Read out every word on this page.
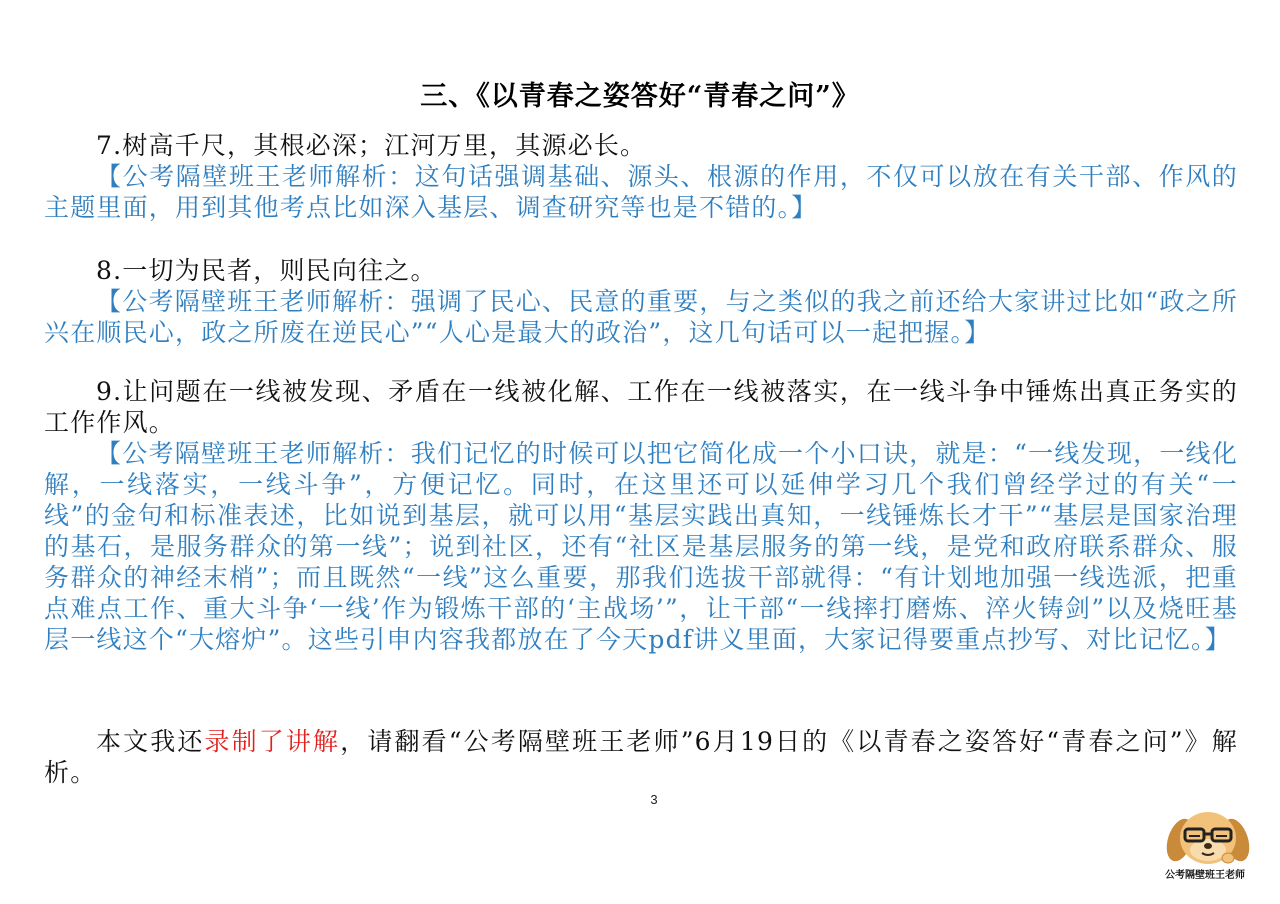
三、《以青春之姿答好“青春之问”》
7.树高千尺，其根必深；江河万里，其源必长。
【公考隔壁班王老师解析：这句话强调基础、源头、根源的作用，不仅可以放在有关干部、作风的主题里面，用到其他考点比如深入基层、调查研究等也是不错的。】
8.一切为民者，则民向往之。
【公考隔壁班王老师解析：强调了民心、民意的重要，与之类似的我之前还给大家讲过比如“政之所兴在顺民心，政之所废在逆民心”“人心是最大的政治”，这几句话可以一起把握。】
9.让问题在一线被发现、矛盾在一线被化解、工作在一线被落实，在一线斗争中锤炼出真正务实的工作作风。
【公考隔壁班王老师解析：我们记忆的时候可以把它简化成一个小口诀，就是：“一线发现，一线化解，一线落实，一线斗争”，方便记忆。同时，在这里还可以延伸学习几个我们曾经学过的有关“一线”的金句和标准表述，比如说到基层，就可以用“基层实践出真知，一线锤炼长才干”“基层是国家治理的基石，是服务群众的第一线”；说到社区，还有“社区是基层服务的第一线，是党和政府联系群众、服务群众的神经末梢”；而且既然“一线”这么重要，那我们选拔干部就得：“有计划地加强一线选派，把重点难点工作、重大斗争‘一线’作为锻炼干部的‘主战场’”，让干部“一线摔打磨炼、淬火铸剑”以及烧旺基层一线这个“大熔炉”。这些引申内容我都放在了今天pdf讲义里面，大家记得要重点抄写、对比记忆。】
本文我还录制了讲解，请翻看“公考隔壁班王老师”6月19日的《以青春之姿答好“青春之问”》解析。
3
公考隔壁班王老师
